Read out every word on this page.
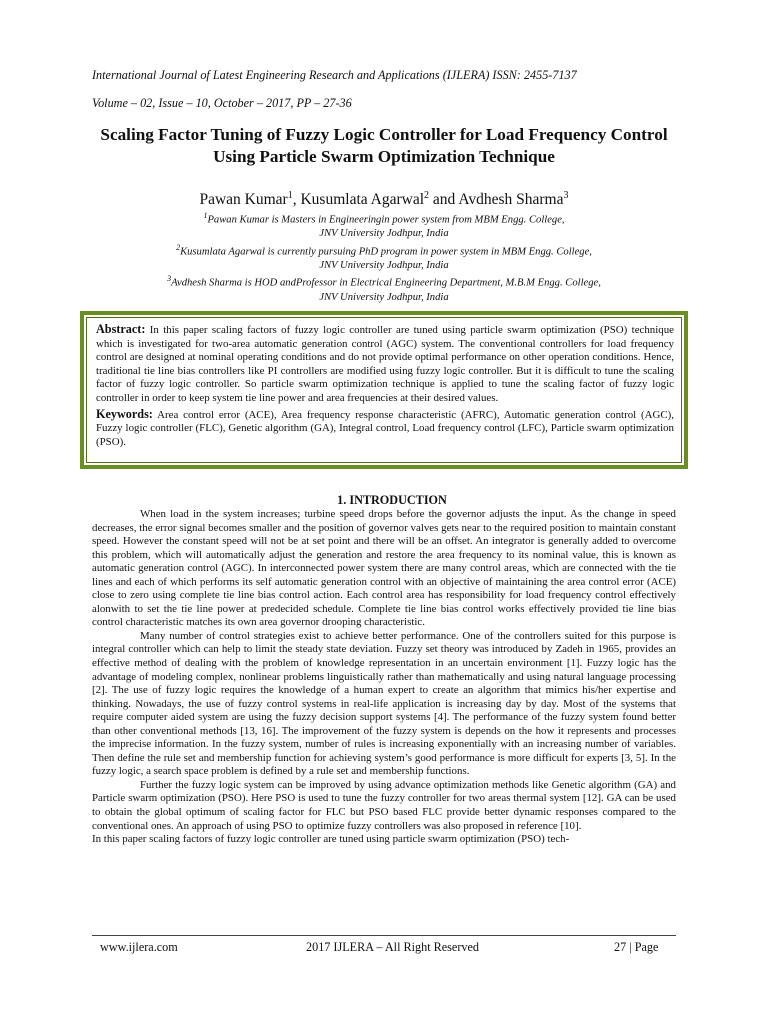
International Journal of Latest Engineering Research and Applications (IJLERA) ISSN: 2455-7137
Volume – 02, Issue – 10, October – 2017, PP – 27-36
Scaling Factor Tuning of Fuzzy Logic Controller for Load Frequency Control Using Particle Swarm Optimization Technique
Pawan Kumar$^1$, Kusumlata Agarwal$^2$ and Avdhesh Sharma$^3$
$^1$Pawan Kumar is Masters in Engineeringin power system from MBM Engg. College,
JNV University Jodhpur, India
$^2$Kusumlata Agarwal is currently pursuing PhD program in power system in MBM Engg. College,
JNV University Jodhpur, India
$^3$Avdhesh Sharma is HOD andProfessor in Electrical Engineering Department, M.B.M Engg. College,
JNV University Jodhpur, India
Abstract: In this paper scaling factors of fuzzy logic controller are tuned using particle swarm optimization (PSO) technique which is investigated for two-area automatic generation control (AGC) system. The conventional controllers for load frequency control are designed at nominal operating conditions and do not provide optimal performance on other operation conditions. Hence, traditional tie line bias controllers like PI controllers are modified using fuzzy logic controller. But it is difficult to tune the scaling factor of fuzzy logic controller. So particle swarm optimization technique is applied to tune the scaling factor of fuzzy logic controller in order to keep system tie line power and area frequencies at their desired values.
Keywords: Area control error (ACE), Area frequency response characteristic (AFRC), Automatic generation control (AGC), Fuzzy logic controller (FLC), Genetic algorithm (GA), Integral control, Load frequency control (LFC), Particle swarm optimization (PSO).
1. INTRODUCTION

When load in the system increases; turbine speed drops before the governor adjusts the input. As the change in speed decreases, the error signal becomes smaller and the position of governor valves gets near to the required position to maintain constant speed. However the constant speed will not be at set point and there will be an offset. An integrator is generally added to overcome this problem, which will automatically adjust the generation and restore the area frequency to its nominal value, this is known as automatic generation control (AGC). In interconnected power system there are many control areas, which are connected with the tie lines and each of which performs its self automatic generation control with an objective of maintaining the area control error (ACE) close to zero using complete tie line bias control action. Each control area has responsibility for load frequency control effectively alonwith to set the tie line power at predecided schedule. Complete tie line bias control works effectively provided tie line bias control characteristic matches its own area governor drooping characteristic.

Many number of control strategies exist to achieve better performance. One of the controllers suited for this purpose is integral controller which can help to limit the steady state deviation. Fuzzy set theory was introduced by Zadeh in 1965, provides an effective method of dealing with the problem of knowledge representation in an uncertain environment [1]. Fuzzy logic has the advantage of modeling complex, nonlinear problems linguistically rather than mathematically and using natural language processing [2]. The use of fuzzy logic requires the knowledge of a human expert to create an algorithm that mimics his/her expertise and thinking. Nowadays, the use of fuzzy control systems in real-life application is increasing day by day. Most of the systems that require computer aided system are using the fuzzy decision support systems [4]. The performance of the fuzzy system found better than other conventional methods [13, 16]. The improvement of the fuzzy system is depends on the how it represents and processes the imprecise information. In the fuzzy system, number of rules is increasing exponentially with an increasing number of variables. Then define the rule set and membership function for achieving system’s good performance is more difficult for experts [3, 5]. In the fuzzy logic, a search space problem is defined by a rule set and membership functions.

Further the fuzzy logic system can be improved by using advance optimization methods like Genetic algorithm (GA) and Particle swarm optimization (PSO). Here PSO is used to tune the fuzzy controller for two areas thermal system [12]. GA can be used to obtain the global optimum of scaling factor for FLC but PSO based FLC provide better dynamic responses compared to the conventional ones. An approach of using PSO to optimize fuzzy controllers was also proposed in reference [10].

In this paper scaling factors of fuzzy logic controller are tuned using particle swarm optimization (PSO) tech-

www.ijlera.com	2017 IJLERA – All Right Reserved	27 | Page
